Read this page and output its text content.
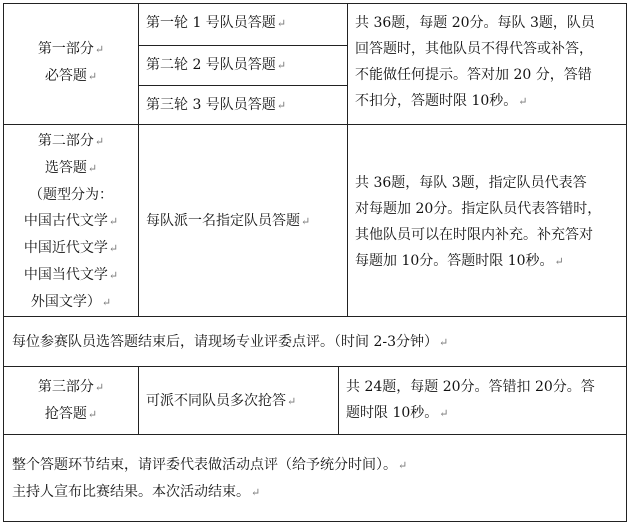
第一部分↵
必答题↵
第一轮 1 号队员答题↵
第二轮 2 号队员答题↵
第三轮 3 号队员答题↵
共 36题，每题 20分。每队 3题，队员
回答题时，其他队员不得代答或补答，
不能做任何提示。答对加 20 分，答错
不扣分，答题时限 10秒。↵
第二部分↵
选答题↵
（题型分为：
中国古代文学↵
中国近代文学↵
中国当代文学↵
外国文学）↵
每队派一名指定队员答题↵
共 36题，每队 3题，指定队员代表答
对每题加 20分。指定队员代表答错时，
其他队员可以在时限内补充。补充答对
每题加 10分。答题时限 10秒。↵
每位参赛队员选答题结束后，请现场专业评委点评。（时间 2-3分钟）↵
第三部分↵
抢答题↵
可派不同队员多次抢答↵
共 24题，每题 20分。答错扣 20分。答
题时限 10秒。↵
整个答题环节结束，请评委代表做活动点评（给予统分时间）。↵
主持人宣布比赛结果。本次活动结束。↵
